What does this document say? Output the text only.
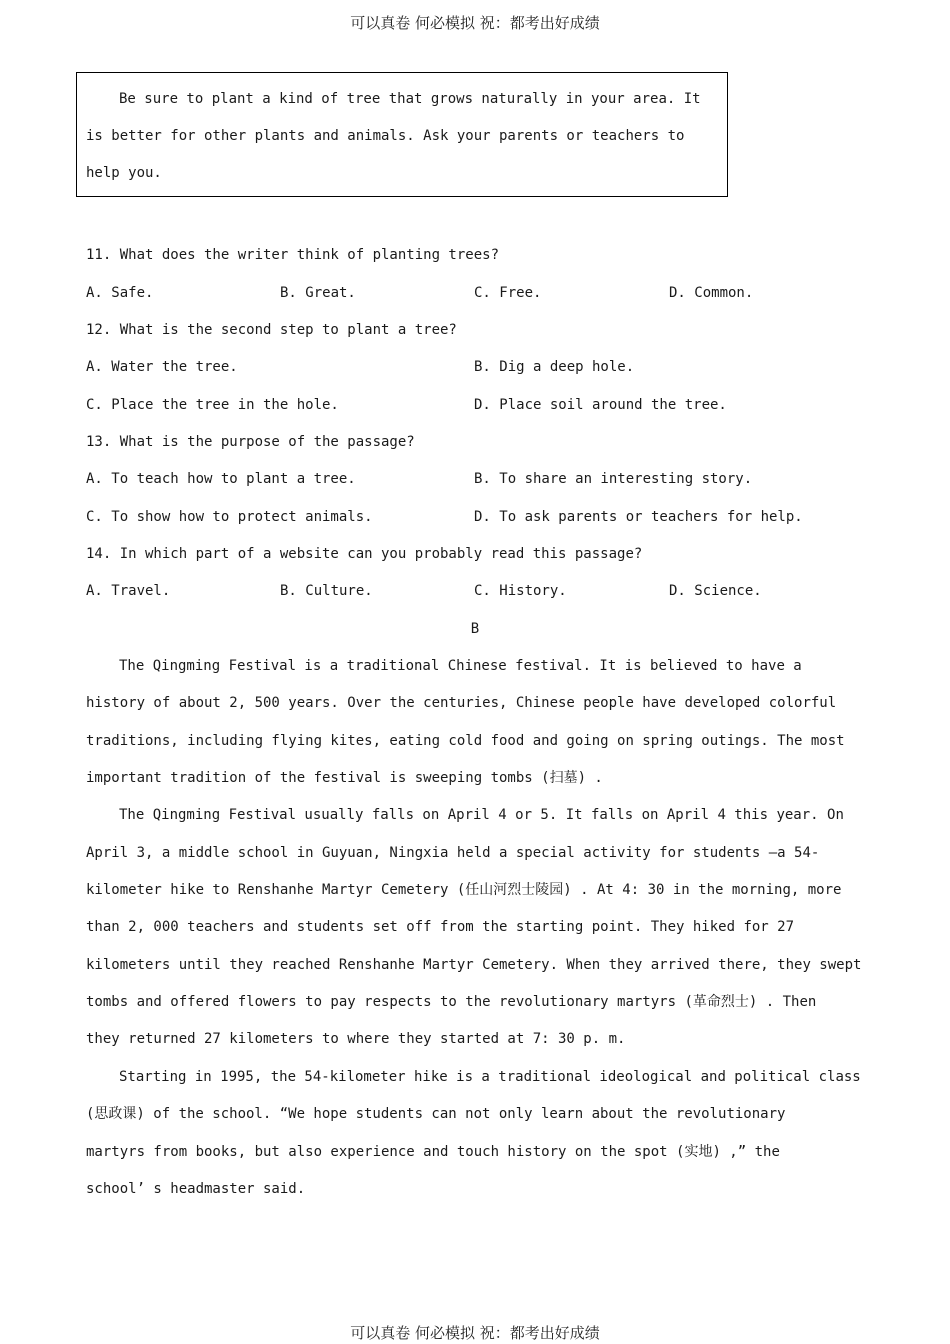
可以真卷 何必模拟 祝：都考出好成绩
Be sure to plant a kind of tree that grows naturally in your area. It
is better for other plants and animals. Ask your parents or teachers to
help you.
11. What does the writer think of planting trees?
A. Safe.	B. Great.	C. Free.	D. Common.
12. What is the second step to plant a tree?
A. Water the tree.	B. Dig a deep hole.
C. Place the tree in the hole.	D. Place soil around the tree.
13. What is the purpose of the passage?
A. To teach how to plant a tree.	B. To share an interesting story.
C. To show how to protect animals.	D. To ask parents or teachers for help.
14. In which part of a website can you probably read this passage?
A. Travel.	B. Culture.	C. History.	D. Science.
B
The Qingming Festival is a traditional Chinese festival. It is believed to have a
history of about 2, 500 years. Over the centuries, Chinese people have developed colorful
traditions, including flying kites, eating cold food and going on spring outings. The most
important tradition of the festival is sweeping tombs (扫墓) .
The Qingming Festival usually falls on April 4 or 5. It falls on April 4 this year. On
April 3, a middle school in Guyuan, Ningxia held a special activity for students —a 54-
kilometer hike to Renshanhe Martyr Cemetery (任山河烈士陵园) . At 4: 30 in the morning, more
than 2, 000 teachers and students set off from the starting point. They hiked for 27
kilometers until they reached Renshanhe Martyr Cemetery. When they arrived there, they swept
tombs and offered flowers to pay respects to the revolutionary martyrs (革命烈士) . Then
they returned 27 kilometers to where they started at 7: 30 p. m.
Starting in 1995, the 54-kilometer hike is a traditional ideological and political class
(思政课) of the school. “We hope students can not only learn about the revolutionary
martyrs from books, but also experience and touch history on the spot (实地) ,” the
school’ s headmaster said.
可以真卷 何必模拟 祝：都考出好成绩
